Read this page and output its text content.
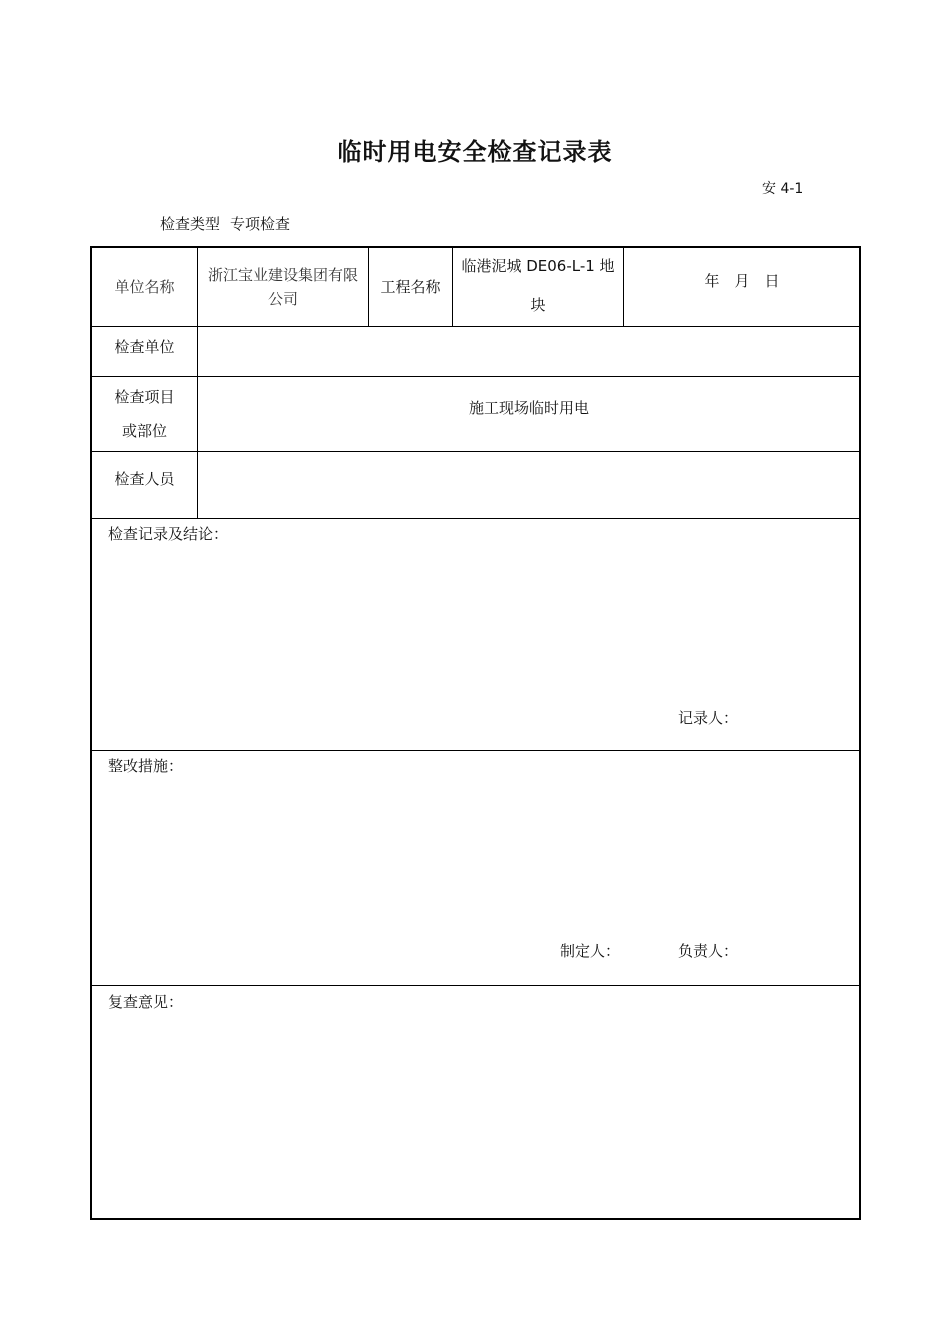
临时用电安全检查记录表
安 4-1
检查类型 专项检查
单位名称
浙江宝业建设集团有限
公司
工程名称
临港泥城 DE06-L-1 地
块
年　月　日
检查单位
检查项目
或部位
施工现场临时用电
检查人员
检查记录及结论：
记录人：
整改措施：
制定人：	负责人：
复查意见：
